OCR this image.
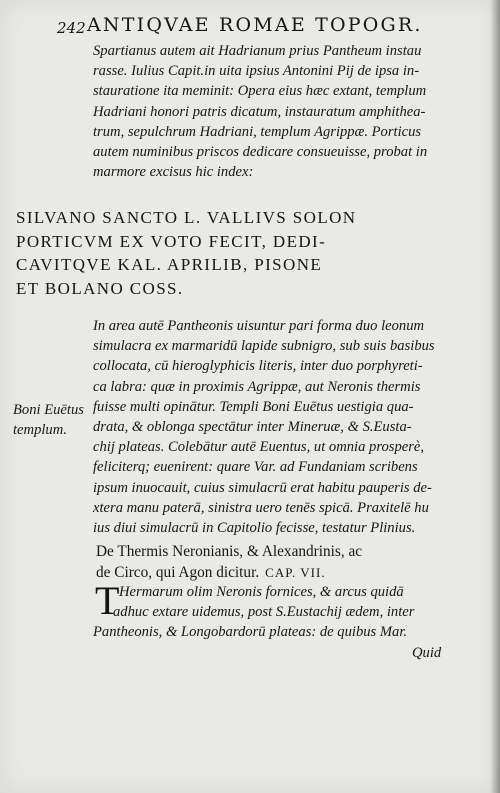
242 ANTIQVAE ROMAE TOPOGR.
Spartianus autem ait Hadrianum prius Pantheum instau
rasse. Iulius Capit.in uita ipsius Antonini Pij de ipsa in-
stauratione ita meminit: Opera eius hæc extant, templum
Hadriani honori patris dicatum, instauratum amphithea-
trum, sepulchrum Hadriani, templum Agrippæ. Porticus
autem numinibus priscos dedicare consueuisse, probat in
marmore excisus hic index:
SILVANO SANCTO L. VALLIVS SOLON
PORTICVM EX VOTO FECIT, DEDI-
CAVITQVE KAL. APRILIB, PISONE
ET BOLANO COSS.
In area autē Pantheonis uisuntur pari forma duo leonum
simulacra ex marmaridū lapide subnigro, sub suis basibus
collocata, cū hieroglyphicis literis, inter duo porphyreti-
ca labra: quæ in proximis Agrippæ, aut Neronis thermis
fuisse multi opinātur. Templi Boni Euētus uestigia qua-
drata, & oblonga spectātur inter Mineruæ, & S.Eusta-
chij plateas. Colebātur autē Euentus, ut omnia prosperè,
feliciterq; euenirent: quare Var. ad Fundaniam scribens
ipsum inuocauit, cuius simulacrū erat habitu pauperis de-
xtera manu paterā, sinistra uero tenēs spicā. Praxitelē hu
ius diui simulacrū in Capitolio fecisse, testatur Plinius.
Boni Euētus
templum.
De Thermis Neronianis, & Alexandrinis, ac
de Circo, qui Agon dicitur. CAP. VII.
T Hermarum olim Neronis fornices, & arcus quidā
adhuc extare uidemus, post S.Eustachij ædem, inter
Pantheonis, & Longobardorū plateas: de quibus Mar.
Quid
